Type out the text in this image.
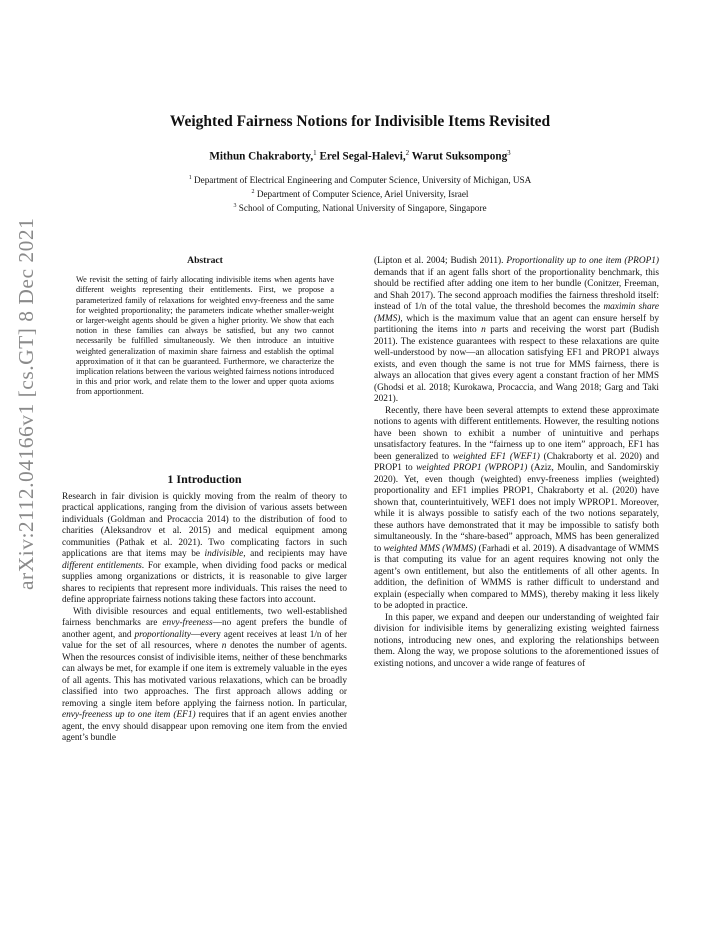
arXiv:2112.04166v1 [cs.GT] 8 Dec 2021
Weighted Fairness Notions for Indivisible Items Revisited
Mithun Chakraborty,$^1$ Erel Segal-Halevi,$^2$ Warut Suksompong$^3$
$^1$ Department of Electrical Engineering and Computer Science, University of Michigan, USA
$^2$ Department of Computer Science, Ariel University, Israel
$^3$ School of Computing, National University of Singapore, Singapore
Abstract

We revisit the setting of fairly allocating indivisible items when agents have different weights representing their entitlements. First, we propose a parameterized family of relaxations for weighted envy-freeness and the same for weighted proportionality; the parameters indicate whether smaller-weight or larger-weight agents should be given a higher priority. We show that each notion in these families can always be satisfied, but any two cannot necessarily be fulfilled simultaneously. We then introduce an intuitive weighted generalization of maximin share fairness and establish the optimal approximation of it that can be guaranteed. Furthermore, we characterize the implication relations between the various weighted fairness notions introduced in this and prior work, and relate them to the lower and upper quota axioms from apportionment.

1 Introduction

Research in fair division is quickly moving from the realm of theory to practical applications, ranging from the division of various assets between individuals (Goldman and Procaccia 2014) to the distribution of food to charities (Aleksandrov et al. 2015) and medical equipment among communities (Pathak et al. 2021). Two complicating factors in such applications are that items may be indivisible, and recipients may have different entitlements. For example, when dividing food packs or medical supplies among organizations or districts, it is reasonable to give larger shares to recipients that represent more individuals. This raises the need to define appropriate fairness notions taking these factors into account.

With divisible resources and equal entitlements, two well-established fairness benchmarks are envy-freeness—no agent prefers the bundle of another agent, and proportionality—every agent receives at least 1/n of her value for the set of all resources, where n denotes the number of agents. When the resources consist of indivisible items, neither of these benchmarks can always be met, for example if one item is extremely valuable in the eyes of all agents. This has motivated various relaxations, which can be broadly classified into two approaches. The first approach allows adding or removing a single item before applying the fairness notion. In particular, envy-freeness up to one item (EF1) requires that if an agent envies another agent, the envy should disappear upon removing one item from the envied agent’s bundle

(Lipton et al. 2004; Budish 2011). Proportionality up to one item (PROP1) demands that if an agent falls short of the proportionality benchmark, this should be rectified after adding one item to her bundle (Conitzer, Freeman, and Shah 2017). The second approach modifies the fairness threshold itself: instead of 1/n of the total value, the threshold becomes the maximin share (MMS), which is the maximum value that an agent can ensure herself by partitioning the items into n parts and receiving the worst part (Budish 2011). The existence guarantees with respect to these relaxations are quite well-understood by now—an allocation satisfying EF1 and PROP1 always exists, and even though the same is not true for MMS fairness, there is always an allocation that gives every agent a constant fraction of her MMS (Ghodsi et al. 2018; Kurokawa, Procaccia, and Wang 2018; Garg and Taki 2021).

Recently, there have been several attempts to extend these approximate notions to agents with different entitlements. However, the resulting notions have been shown to exhibit a number of unintuitive and perhaps unsatisfactory features. In the “fairness up to one item” approach, EF1 has been generalized to weighted EF1 (WEF1) (Chakraborty et al. 2020) and PROP1 to weighted PROP1 (WPROP1) (Aziz, Moulin, and Sandomirskiy 2020). Yet, even though (weighted) envy-freeness implies (weighted) proportionality and EF1 implies PROP1, Chakraborty et al. (2020) have shown that, counterintuitively, WEF1 does not imply WPROP1. Moreover, while it is always possible to satisfy each of the two notions separately, these authors have demonstrated that it may be impossible to satisfy both simultaneously. In the “share-based” approach, MMS has been generalized to weighted MMS (WMMS) (Farhadi et al. 2019). A disadvantage of WMMS is that computing its value for an agent requires knowing not only the agent’s own entitlement, but also the entitlements of all other agents. In addition, the definition of WMMS is rather difficult to understand and explain (especially when compared to MMS), thereby making it less likely to be adopted in practice.

In this paper, we expand and deepen our understanding of weighted fair division for indivisible items by generalizing existing weighted fairness notions, introducing new ones, and exploring the relationships between them. Along the way, we propose solutions to the aforementioned issues of existing notions, and uncover a wide range of features of
